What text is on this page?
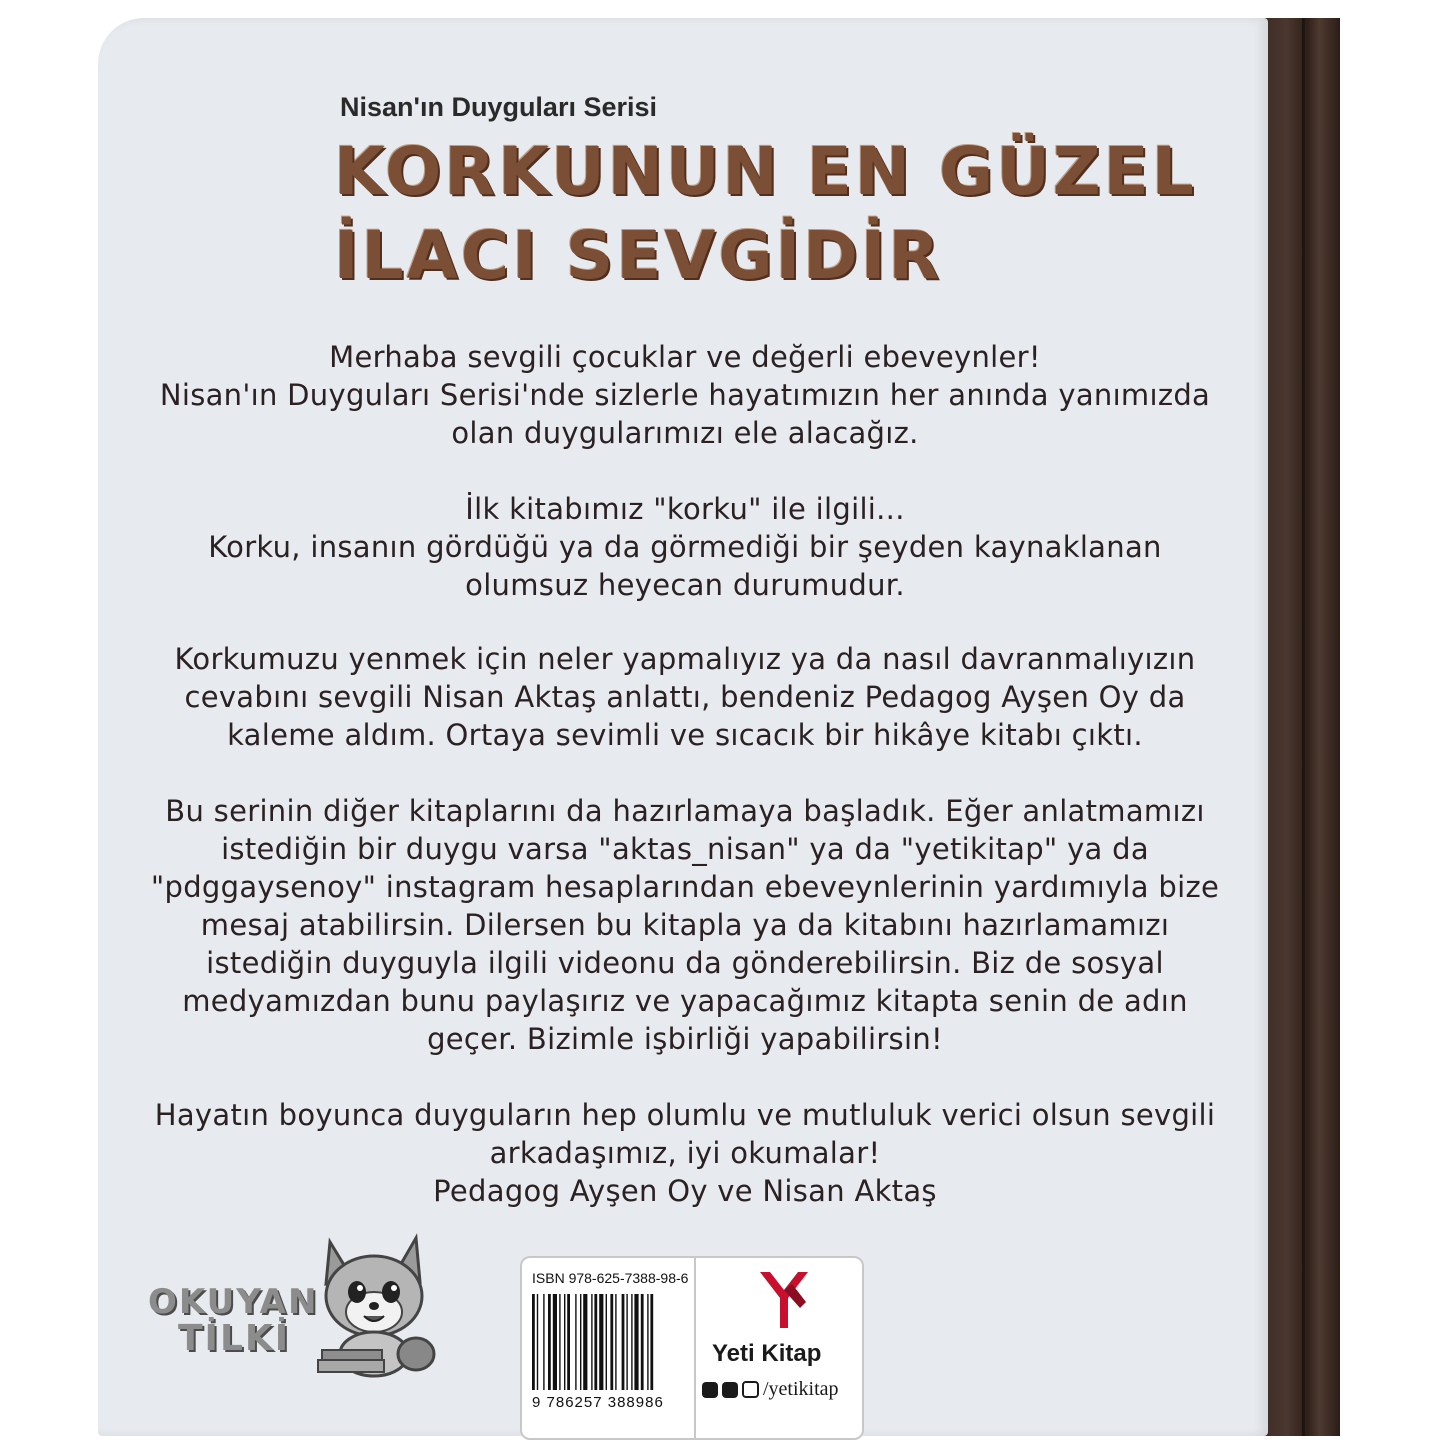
Nisan'ın Duyguları Serisi
KORKUNUN EN GÜZEL
İLACI SEVGİDİR
Merhaba sevgili çocuklar ve değerli ebeveynler!
Nisan'ın Duyguları Serisi'nde sizlerle hayatımızın her anında yanımızda
olan duygularımızı ele alacağız.
İlk kitabımız "korku" ile ilgili...
Korku, insanın gördüğü ya da görmediği bir şeyden kaynaklanan
olumsuz heyecan durumudur.
Korkumuzu yenmek için neler yapmalıyız ya da nasıl davranmalıyızın
cevabını sevgili Nisan Aktaş anlattı, bendeniz Pedagog Ayşen Oy da
kaleme aldım. Ortaya sevimli ve sıcacık bir hikâye kitabı çıktı.
Bu serinin diğer kitaplarını da hazırlamaya başladık. Eğer anlatmamızı
istediğin bir duygu varsa "aktas_nisan" ya da "yetikitap" ya da
"pdggaysenoy" instagram hesaplarından ebeveynlerinin yardımıyla bize
mesaj atabilirsin. Dilersen bu kitapla ya da kitabını hazırlamamızı
istediğin duyguyla ilgili videonu da gönderebilirsin. Biz de sosyal
medyamızdan bunu paylaşırız ve yapacağımız kitapta senin de adın
geçer. Bizimle işbirliği yapabilirsin!
Hayatın boyunca duyguların hep olumlu ve mutluluk verici olsun sevgili
arkadaşımız, iyi okumalar!
Pedagog Ayşen Oy ve Nisan Aktaş
OKUYAN
TİLKİ
ISBN 978-625-7388-98-6
9 786257 388986
Yeti Kitap
/yetikitap
